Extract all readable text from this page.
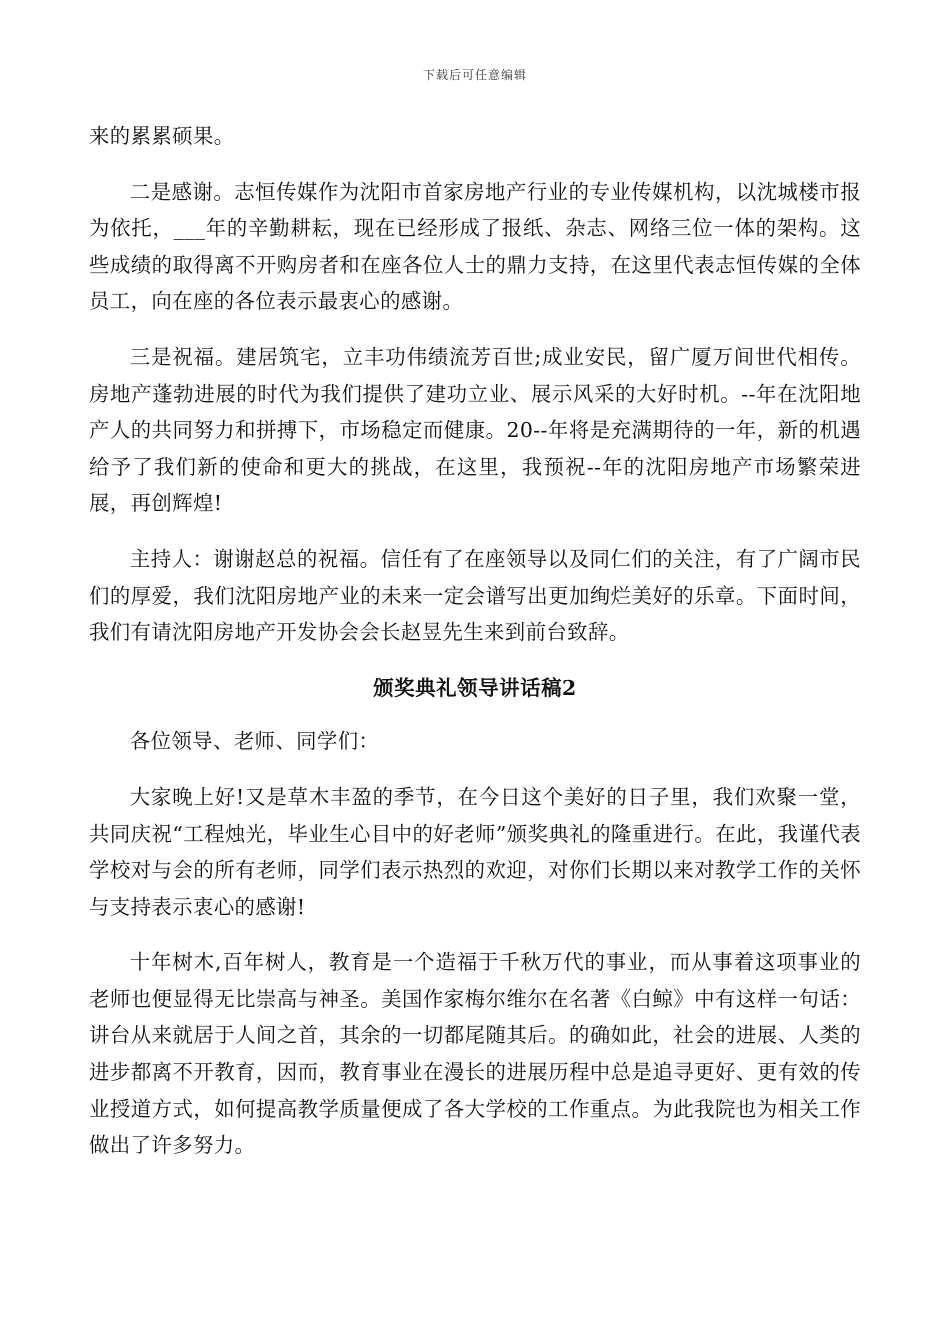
下载后可任意编辑

来的累累硕果。

二是感谢。志恒传媒作为沈阳市首家房地产行业的专业传媒机构，以沈城楼市报为依托，___年的辛勤耕耘，现在已经形成了报纸、杂志、网络三位一体的架构。这些成绩的取得离不开购房者和在座各位人士的鼎力支持，在这里代表志恒传媒的全体员工，向在座的各位表示最衷心的感谢。

三是祝福。建居筑宅，立丰功伟绩流芳百世;成业安民，留广厦万间世代相传。房地产蓬勃进展的时代为我们提供了建功立业、展示风采的大好时机。--年在沈阳地产人的共同努力和拼搏下，市场稳定而健康。20--年将是充满期待的一年，新的机遇给予了我们新的使命和更大的挑战，在这里，我预祝--年的沈阳房地产市场繁荣进展，再创辉煌!

主持人：谢谢赵总的祝福。信任有了在座领导以及同仁们的关注，有了广阔市民们的厚爱，我们沈阳房地产业的未来一定会谱写出更加绚烂美好的乐章。下面时间，我们有请沈阳房地产开发协会会长赵昱先生来到前台致辞。

颁奖典礼领导讲话稿2

各位领导、老师、同学们：

大家晚上好!又是草木丰盈的季节，在今日这个美好的日子里，我们欢聚一堂，共同庆祝“工程烛光，毕业生心目中的好老师”颁奖典礼的隆重进行。在此，我谨代表学校对与会的所有老师，同学们表示热烈的欢迎，对你们长期以来对教学工作的关怀与支持表示衷心的感谢!

十年树木,百年树人，教育是一个造福于千秋万代的事业，而从事着这项事业的老师也便显得无比崇高与神圣。美国作家梅尔维尔在名著《白鲸》中有这样一句话：讲台从来就居于人间之首，其余的一切都尾随其后。的确如此，社会的进展、人类的进步都离不开教育，因而，教育事业在漫长的进展历程中总是追寻更好、更有效的传业授道方式，如何提高教学质量便成了各大学校的工作重点。为此我院也为相关工作做出了许多努力。
